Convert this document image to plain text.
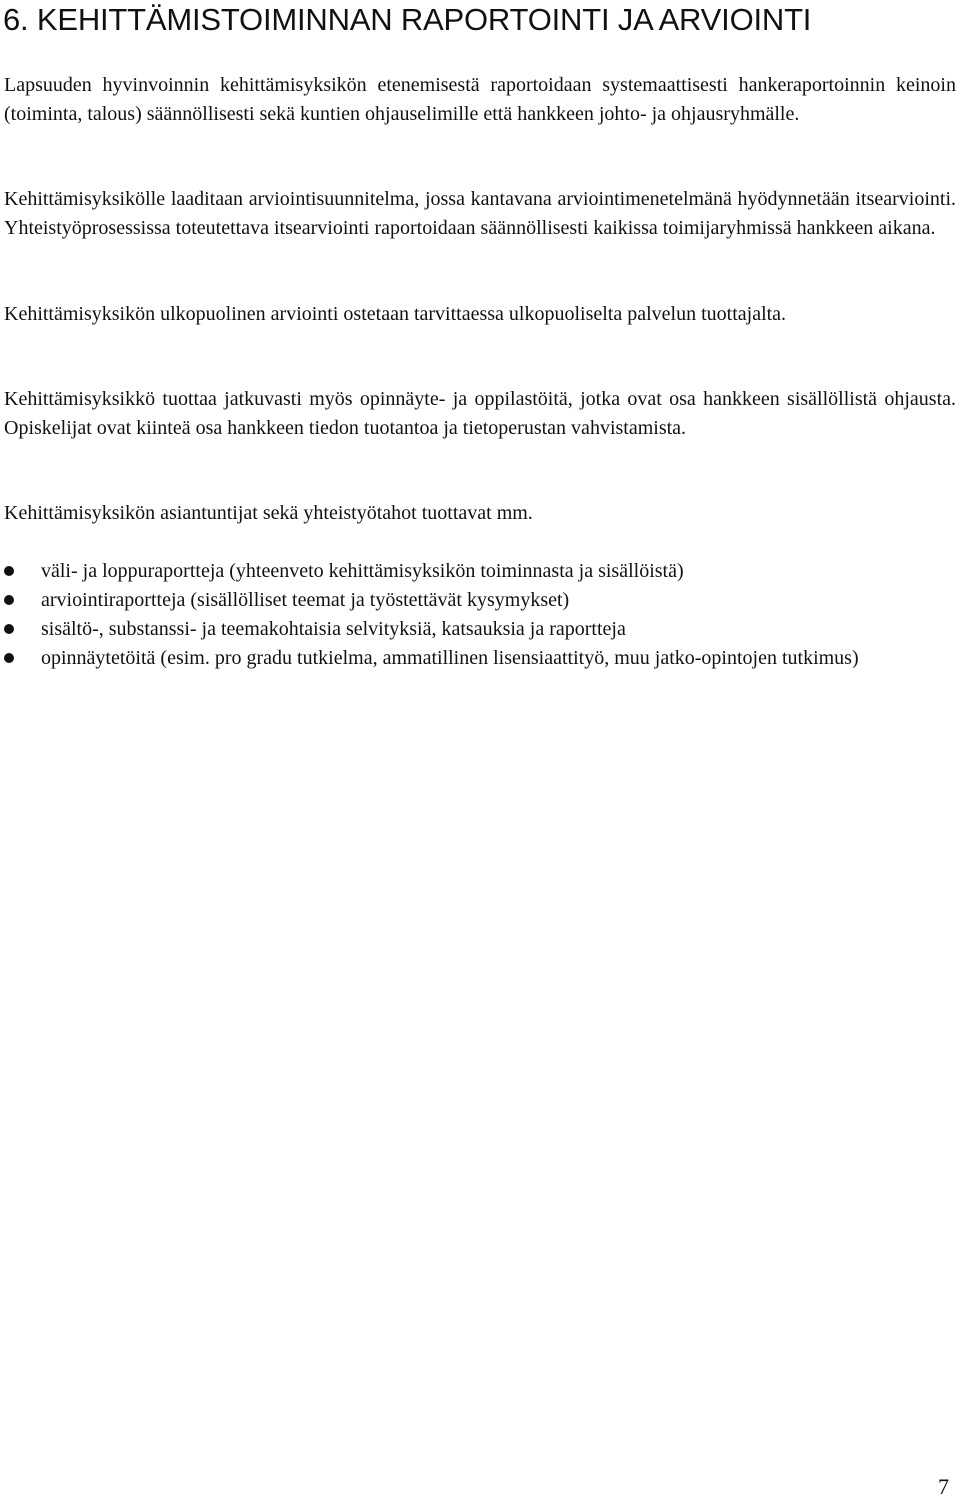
6. KEHITTÄMISTOIMINNAN RAPORTOINTI JA ARVIOINTI

Lapsuuden hyvinvoinnin kehittämisyksikön etenemisestä raportoidaan systemaattisesti hankeraportoinnin keinoin (toiminta, talous) säännöllisesti sekä kuntien ohjauselimille että hankkeen johto- ja ohjausryhmälle.

Kehittämisyksikölle laaditaan arviointisuunnitelma, jossa kantavana arviointimenetelmänä hyödynnetään itsearviointi. Yhteistyöprosessissa toteutettava itsearviointi raportoidaan säännöllisesti kaikissa toimijaryhmissä hankkeen aikana.

Kehittämisyksikön ulkopuolinen arviointi ostetaan tarvittaessa ulkopuoliselta palvelun tuottajalta.

Kehittämisyksikkö tuottaa jatkuvasti myös opinnäyte- ja oppilastöitä, jotka ovat osa hankkeen sisällöllistä ohjausta. Opiskelijat ovat kiinteä osa hankkeen tiedon tuotantoa ja tietoperustan vahvistamista.

Kehittämisyksikön asiantuntijat sekä yhteistyötahot tuottavat mm.

väli- ja loppuraportteja (yhteenveto kehittämisyksikön toiminnasta ja sisällöistä)
arviointiraportteja (sisällölliset teemat ja työstettävät kysymykset)
sisältö-, substanssi- ja teemakohtaisia selvityksiä, katsauksia ja raportteja
opinnäytetöitä (esim. pro gradu tutkielma, ammatillinen lisensiaattityö, muu jatko-opintojen tutkimus)
7
